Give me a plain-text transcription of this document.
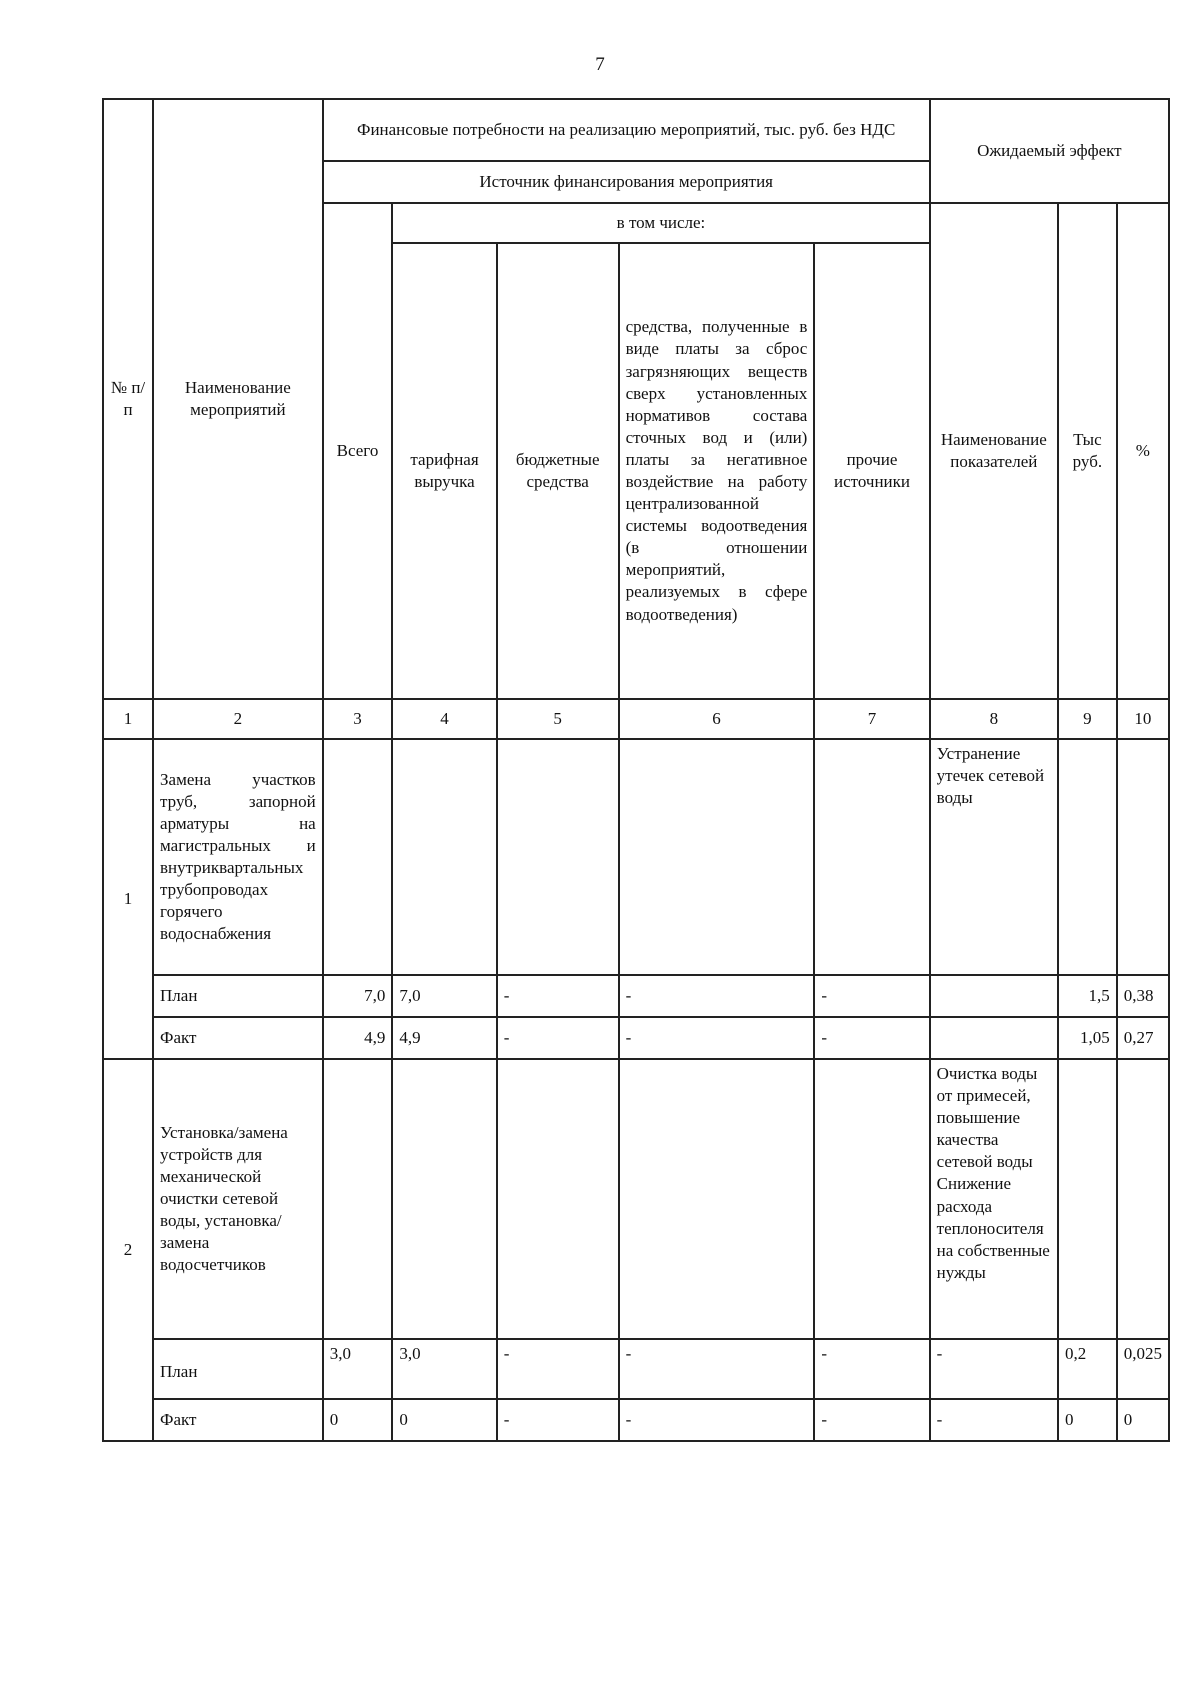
7
№ п/п	Наименование мероприятий	Финансовые потребности на реализацию мероприятий, тыс. руб. без НДС					Ожидаемый эффект		
		Источник финансирования мероприятия							
		Всего	в том числе:				Наименование показателей	Тыс руб.	%
			тарифная выручка	бюджетные средства	средства, полученные в виде платы за сброс загрязняющих веществ сверх установленных нормативов состава сточных вод и (или) платы за негативное воздействие на работу централизованной системы водоотведения (в отношении мероприятий, реализуемых в сфере водоотведения)	прочие источники			
1	2	3	4	5	6	7	8	9	10
1	Замена участков труб, запорной арматуры на магистральных и внутриквартальных трубопроводах горячего водоснабжения						Устранение утечек сетевой воды		
	План	7,0	7,0	-	-	-		1,5	0,38
	Факт	4,9	4,9	-	-	-		1,05	0,27
2	Установка/замена устройств для механической очистки сетевой воды, установка/замена водосчетчиков						Очистка воды от примесей, повышение качества сетевой воды Снижение расхода теплоносителя на собственные нужды		
	План	3,0	3,0	-	-	-	-	0,2	0,025
	Факт	0	0	-	-	-	-	0	0
